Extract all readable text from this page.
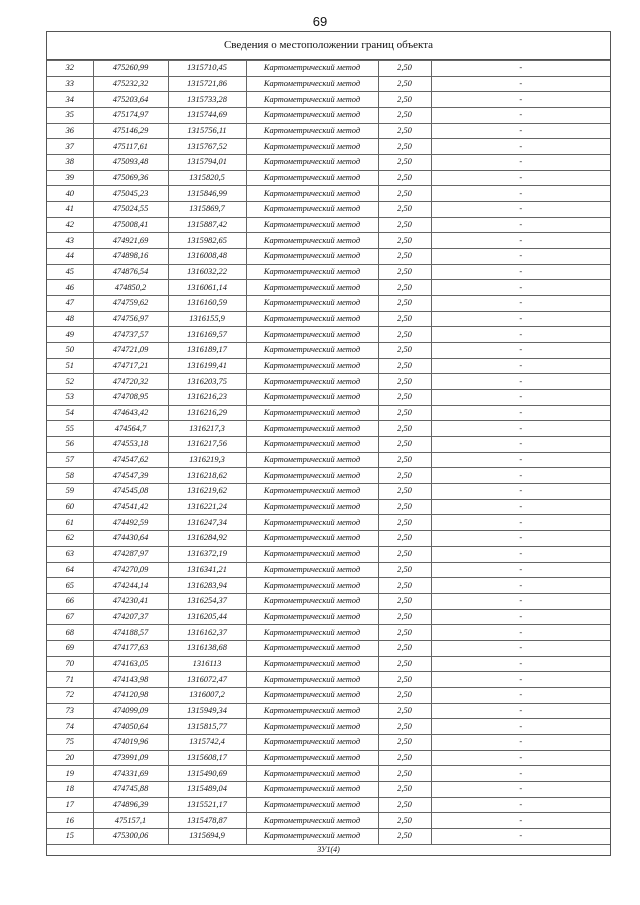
69
Сведения о местоположении границ объекта
32	475260,99	1315710,45	Картометрический метод	2,50	-
33	475232,32	1315721,86	Картометрический метод	2,50	-
34	475203,64	1315733,28	Картометрический метод	2,50	-
35	475174,97	1315744,69	Картометрический метод	2,50	-
36	475146,29	1315756,11	Картометрический метод	2,50	-
37	475117,61	1315767,52	Картометрический метод	2,50	-
38	475093,48	1315794,01	Картометрический метод	2,50	-
39	475069,36	1315820,5	Картометрический метод	2,50	-
40	475045,23	1315846,99	Картометрический метод	2,50	-
41	475024,55	1315869,7	Картометрический метод	2,50	-
42	475008,41	1315887,42	Картометрический метод	2,50	-
43	474921,69	1315982,65	Картометрический метод	2,50	-
44	474898,16	1316008,48	Картометрический метод	2,50	-
45	474876,54	1316032,22	Картометрический метод	2,50	-
46	474850,2	1316061,14	Картометрический метод	2,50	-
47	474759,62	1316160,59	Картометрический метод	2,50	-
48	474756,97	1316155,9	Картометрический метод	2,50	-
49	474737,57	1316169,57	Картометрический метод	2,50	-
50	474721,09	1316189,17	Картометрический метод	2,50	-
51	474717,21	1316199,41	Картометрический метод	2,50	-
52	474720,32	1316203,75	Картометрический метод	2,50	-
53	474708,95	1316216,23	Картометрический метод	2,50	-
54	474643,42	1316216,29	Картометрический метод	2,50	-
55	474564,7	1316217,3	Картометрический метод	2,50	-
56	474553,18	1316217,56	Картометрический метод	2,50	-
57	474547,62	1316219,3	Картометрический метод	2,50	-
58	474547,39	1316218,62	Картометрический метод	2,50	-
59	474545,08	1316219,62	Картометрический метод	2,50	-
60	474541,42	1316221,24	Картометрический метод	2,50	-
61	474492,59	1316247,34	Картометрический метод	2,50	-
62	474430,64	1316284,92	Картометрический метод	2,50	-
63	474287,97	1316372,19	Картометрический метод	2,50	-
64	474270,09	1316341,21	Картометрический метод	2,50	-
65	474244,14	1316283,94	Картометрический метод	2,50	-
66	474230,41	1316254,37	Картометрический метод	2,50	-
67	474207,37	1316205,44	Картометрический метод	2,50	-
68	474188,57	1316162,37	Картометрический метод	2,50	-
69	474177,63	1316138,68	Картометрический метод	2,50	-
70	474163,05	1316113	Картометрический метод	2,50	-
71	474143,98	1316072,47	Картометрический метод	2,50	-
72	474120,98	1316007,2	Картометрический метод	2,50	-
73	474099,09	1315949,34	Картометрический метод	2,50	-
74	474050,64	1315815,77	Картометрический метод	2,50	-
75	474019,96	1315742,4	Картометрический метод	2,50	-
20	473991,09	1315608,17	Картометрический метод	2,50	-
19	474331,69	1315490,69	Картометрический метод	2,50	-
18	474745,88	1315489,04	Картометрический метод	2,50	-
17	474896,39	1315521,17	Картометрический метод	2,50	-
16	475157,1	1315478,87	Картометрический метод	2,50	-
15	475300,06	1315694,9	Картометрический метод	2,50	-
ЗУ1(4)
